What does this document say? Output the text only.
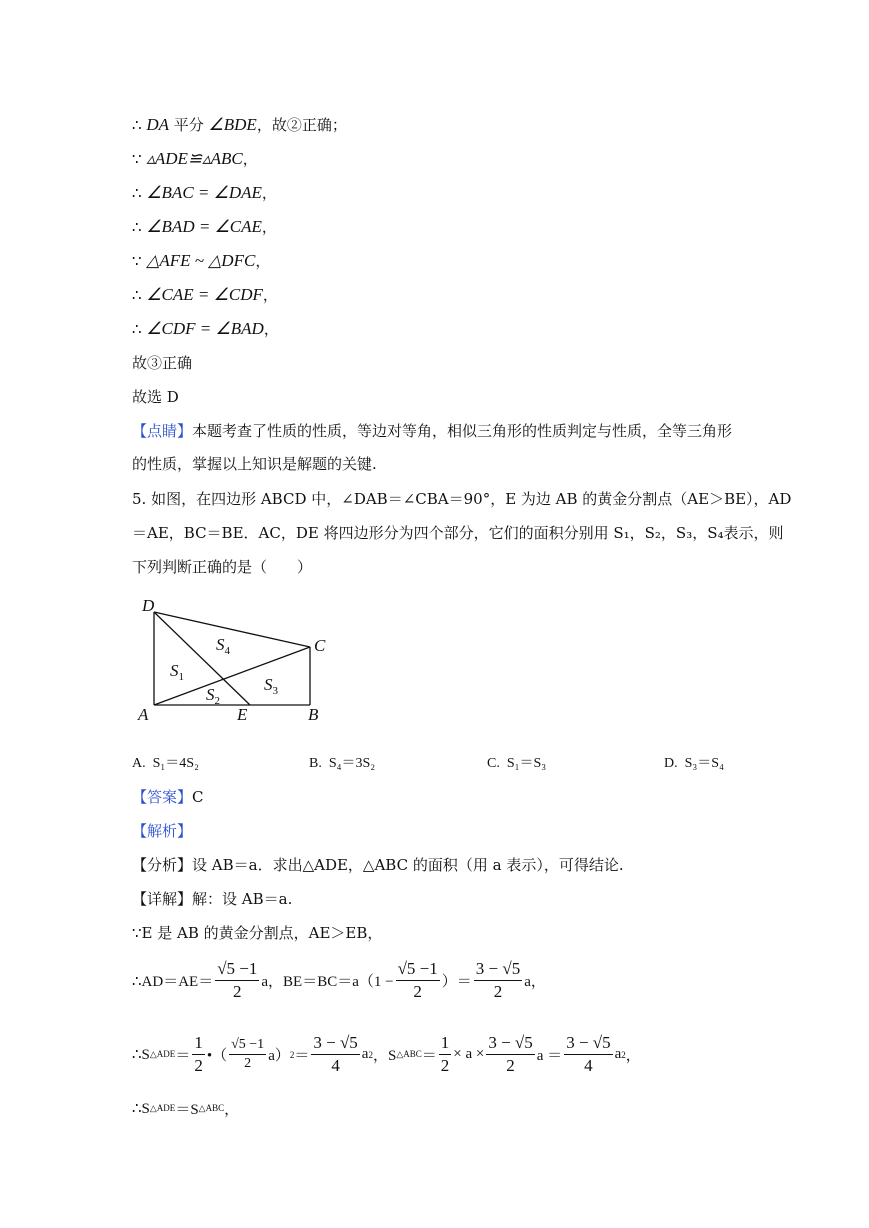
∴ DA 平分 ∠BDE，故②正确；
∵ ▵ADE≌▵ABC，
∴ ∠BAC = ∠DAE，
∴ ∠BAD = ∠CAE，
∵ △AFE ~ △DFC，
∴ ∠CAE = ∠CDF，
∴ ∠CDF = ∠BAD，
故③正确
故选 D
【点睛】本题考查了性质的性质，等边对等角，相似三角形的性质判定与性质，全等三角形
的性质，掌握以上知识是解题的关键.
5. 如图，在四边形 ABCD 中，∠DAB＝∠CBA＝90°，E 为边 AB 的黄金分割点（AE＞BE），AD
＝AE，BC＝BE．AC，DE 将四边形分为四个部分，它们的面积分别用 S₁，S₂，S₃，S₄表示，则
下列判断正确的是（　　）
D
C
A	E	B
$S_4$
$S_1$	$S_3$
$S_2$
A. S₁＝4S₂	B. S₄＝3S₂	C. S₁＝S₃	D. S₃＝S₄
【答案】C
【解析】
【分析】设 AB＝a．求出△ADE，△ABC 的面积（用 a 表示），可得结论.
【详解】解：设 AB＝a.
∵E 是 AB 的黄金分割点，AE＞EB，
∴AD＝AE＝ $\frac{√5 -1}{2}$ a，$BE=BC=a(1 - \frac{√5 -1}{2}$ ）＝ $\frac{3 - √5}{2}$ a，
∴S △ADE ＝ $\frac{1}{2}$ •（ $\frac{√5 -1}{2} a$） $2 = \frac{3 - √5}{4}$ a 2 ，S △ABC ＝ $\frac{1}{2} \times a \times \frac{3 - √5}{2}$ $a = \frac{3 - √5}{4}$ a 2 ，
∴S △ADE ＝S △ABC ，
